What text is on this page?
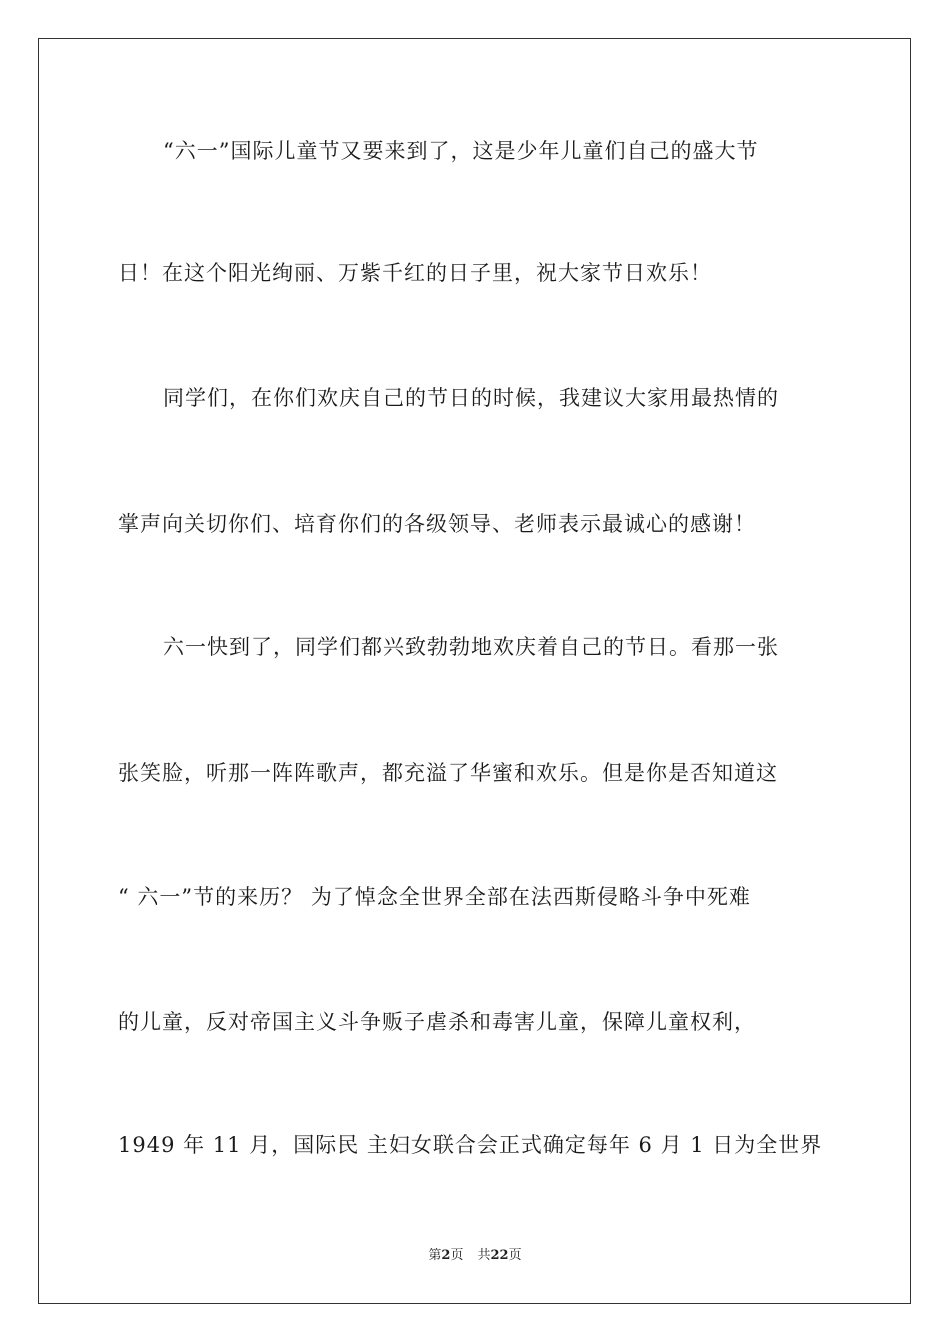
“六一”国际儿童节又要来到了，这是少年儿童们自己的盛大节
日！在这个阳光绚丽、万紫千红的日子里，祝大家节日欢乐！
同学们，在你们欢庆自己的节日的时候，我建议大家用最热情的
掌声向关切你们、培育你们的各级领导、老师表示最诚心的感谢！
六一快到了，同学们都兴致勃勃地欢庆着自己的节日。看那一张
张笑脸，听那一阵阵歌声，都充溢了华蜜和欢乐。但是你是否知道这
“ 六一”节的来历？ 为了悼念全世界全部在法西斯侵略斗争中死难
的儿童，反对帝国主义斗争贩子虐杀和毒害儿童，保障儿童权利，
1949 年 11 月，国际民 主妇女联合会正式确定每年 6 月 1 日为全世界
第2页 共22页
